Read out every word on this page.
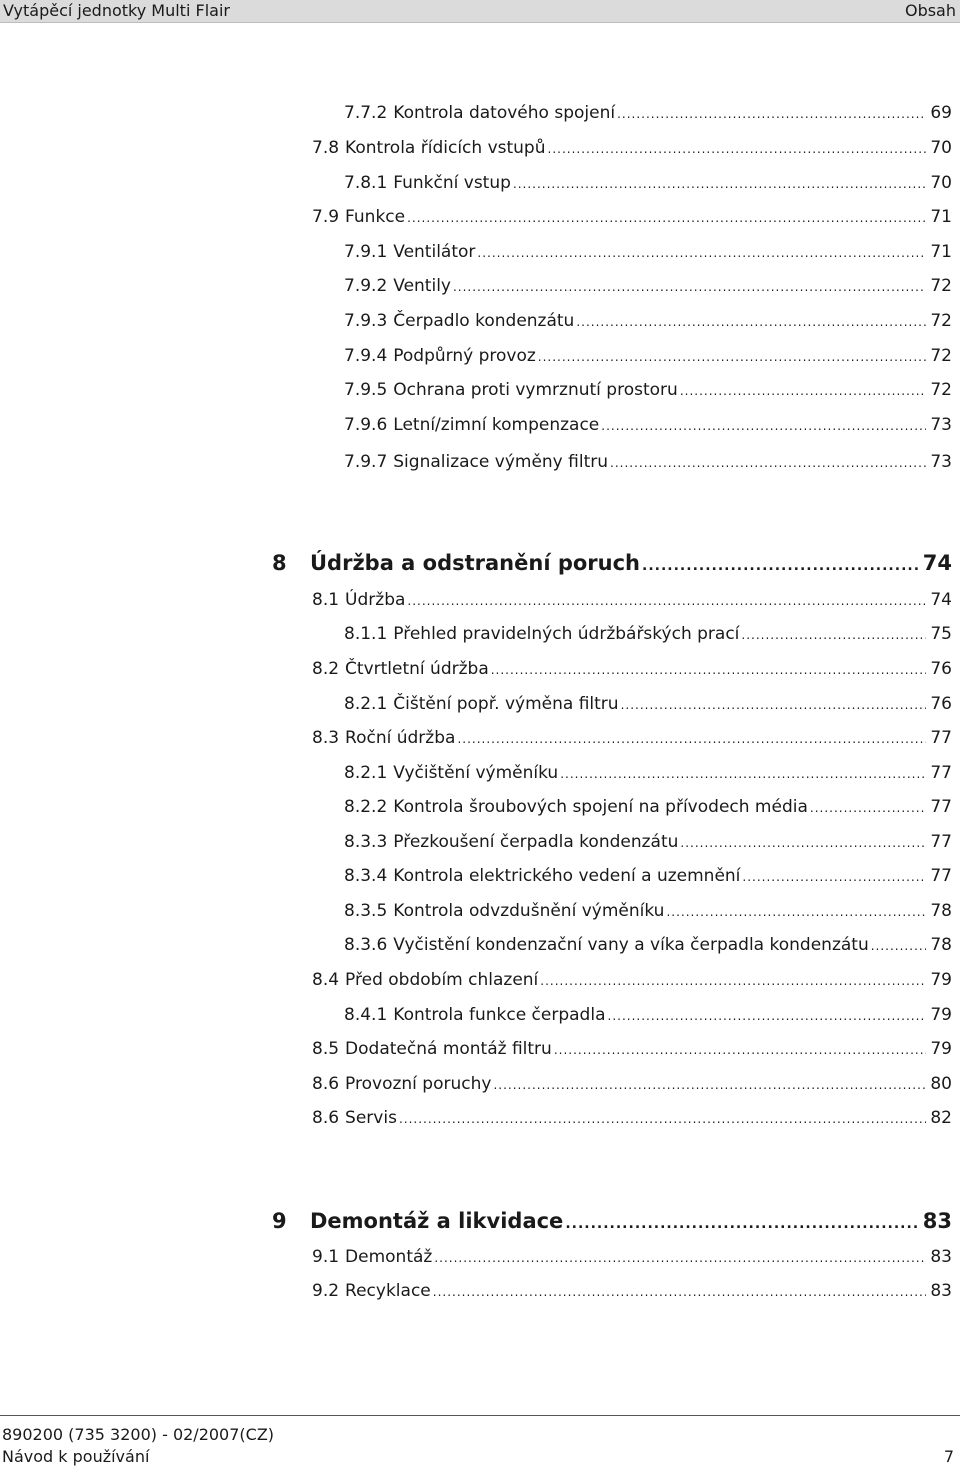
Vytápěcí jednotky Multi Flair	Obsah
7.7.2 Kontrola datového spojení .....	69
7.8 Kontrola řídicích vstupů .....	70
7.8.1 Funkční vstup .....	70
7.9 Funkce .....	71
7.9.1 Ventilátor .....	71
7.9.2 Ventily .....	72
7.9.3 Čerpadlo kondenzátu .....	72
7.9.4 Podpůrný provoz .....	72
7.9.5 Ochrana proti vymrznutí prostoru .....	72
7.9.6 Letní/zimní kompenzace .....	73
7.9.7 Signalizace výměny filtru .....	73
8	Údržba a odstranění poruch .....	74
8.1 Údržba .....	74
8.1.1 Přehled pravidelných údržbářských prací .....	75
8.2 Čtvrtletní údržba .....	76
8.2.1 Čištění popř. výměna filtru .....	76
8.3 Roční údržba .....	77
8.2.1 Vyčištění výměníku .....	77
8.2.2 Kontrola šroubových spojení na přívodech média .....	77
8.3.3 Přezkoušení čerpadla kondenzátu .....	77
8.3.4 Kontrola elektrického vedení a uzemnění .....	77
8.3.5 Kontrola odvzdušnění výměníku .....	78
8.3.6 Vyčistění kondenzační vany a víka čerpadla kondenzátu .....	78
8.4 Před obdobím chlazení .....	79
8.4.1 Kontrola funkce čerpadla .....	79
8.5 Dodatečná montáž filtru .....	79
8.6 Provozní poruchy .....	80
8.6 Servis .....	82
9	Demontáž a likvidace .....	83
9.1 Demontáž .....	83
9.2 Recyklace .....	83
890200 (735 3200) - 02/2007(CZ)
Návod k používání	7
